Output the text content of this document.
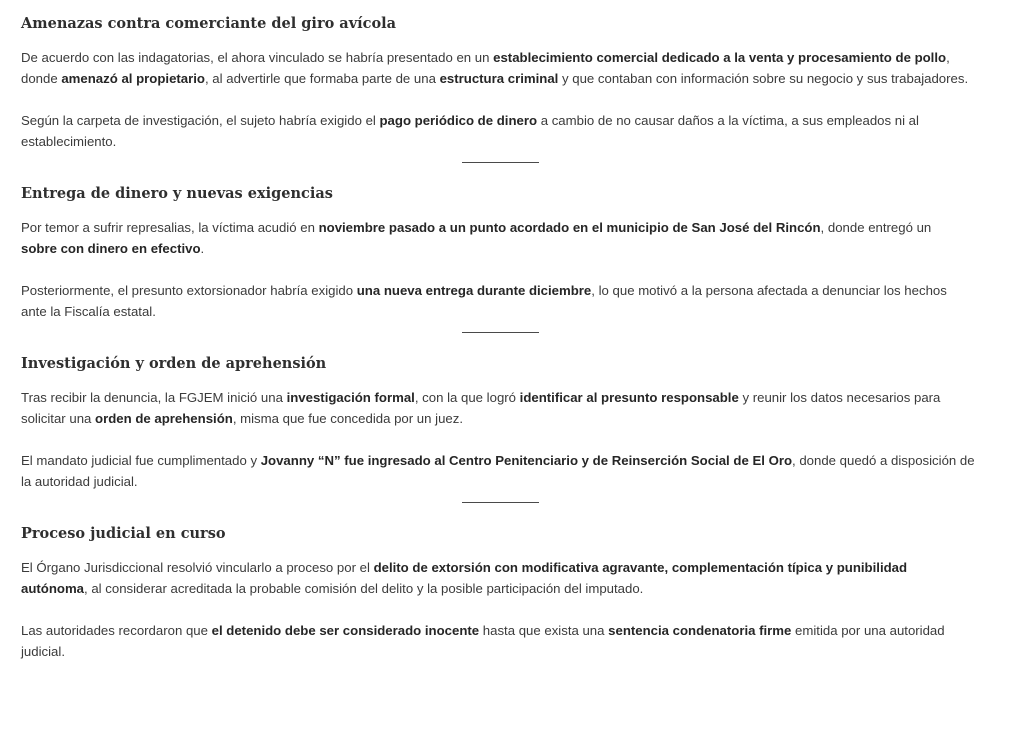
Amenazas contra comerciante del giro avícola

De acuerdo con las indagatorias, el ahora vinculado se habría presentado en un establecimiento comercial dedicado a la venta y procesamiento de pollo, donde amenazó al propietario, al advertirle que formaba parte de una estructura criminal y que contaban con información sobre su negocio y sus trabajadores.

Según la carpeta de investigación, el sujeto habría exigido el pago periódico de dinero a cambio de no causar daños a la víctima, a sus empleados ni al establecimiento.

Entrega de dinero y nuevas exigencias

Por temor a sufrir represalias, la víctima acudió en noviembre pasado a un punto acordado en el municipio de San José del Rincón, donde entregó un sobre con dinero en efectivo.

Posteriormente, el presunto extorsionador habría exigido una nueva entrega durante diciembre, lo que motivó a la persona afectada a denunciar los hechos ante la Fiscalía estatal.

Investigación y orden de aprehensión

Tras recibir la denuncia, la FGJEM inició una investigación formal, con la que logró identificar al presunto responsable y reunir los datos necesarios para solicitar una orden de aprehensión, misma que fue concedida por un juez.

El mandato judicial fue cumplimentado y Jovanny “N” fue ingresado al Centro Penitenciario y de Reinserción Social de El Oro, donde quedó a disposición de la autoridad judicial.

Proceso judicial en curso

El Órgano Jurisdiccional resolvió vincularlo a proceso por el delito de extorsión con modificativa agravante, complementación típica y punibilidad autónoma, al considerar acreditada la probable comisión del delito y la posible participación del imputado.

Las autoridades recordaron que el detenido debe ser considerado inocente hasta que exista una sentencia condenatoria firme emitida por una autoridad judicial.
